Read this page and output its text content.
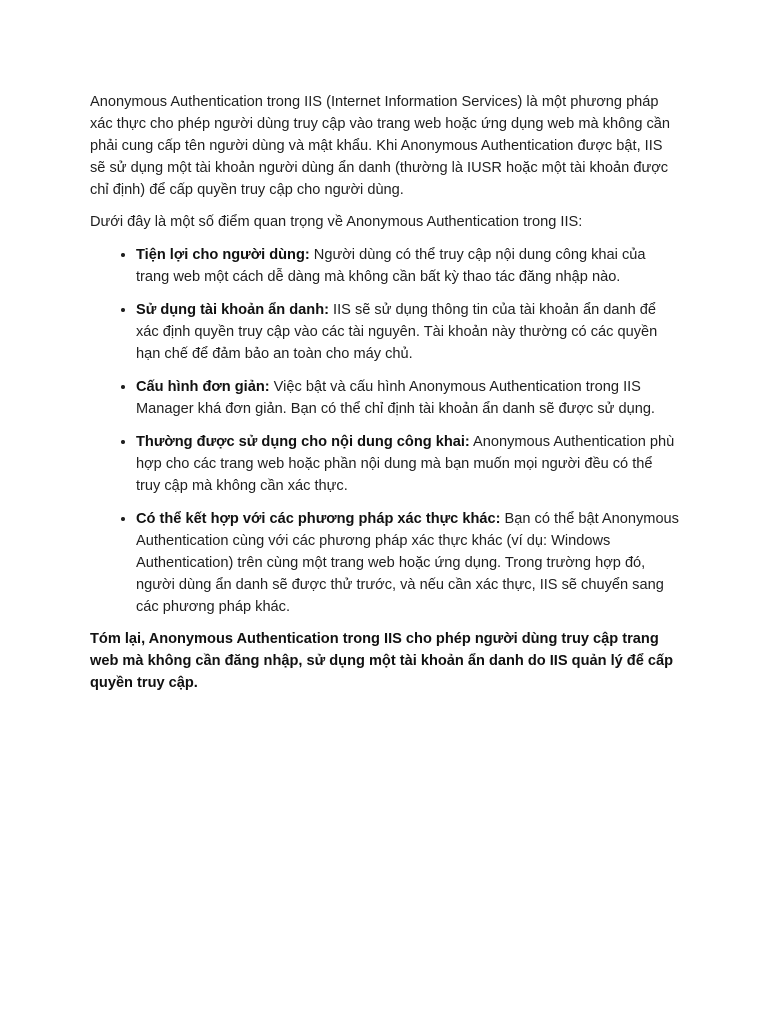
Anonymous Authentication trong IIS (Internet Information Services) là một phương pháp xác thực cho phép người dùng truy cập vào trang web hoặc ứng dụng web mà không cần phải cung cấp tên người dùng và mật khẩu. Khi Anonymous Authentication được bật, IIS sẽ sử dụng một tài khoản người dùng ẩn danh (thường là IUSR hoặc một tài khoản được chỉ định) để cấp quyền truy cập cho người dùng.

Dưới đây là một số điểm quan trọng về Anonymous Authentication trong IIS:

• Tiện lợi cho người dùng: Người dùng có thể truy cập nội dung công khai của trang web một cách dễ dàng mà không cần bất kỳ thao tác đăng nhập nào.
• Sử dụng tài khoản ẩn danh: IIS sẽ sử dụng thông tin của tài khoản ẩn danh để xác định quyền truy cập vào các tài nguyên. Tài khoản này thường có các quyền hạn chế để đảm bảo an toàn cho máy chủ.
• Cấu hình đơn giản: Việc bật và cấu hình Anonymous Authentication trong IIS Manager khá đơn giản. Bạn có thể chỉ định tài khoản ẩn danh sẽ được sử dụng.
• Thường được sử dụng cho nội dung công khai: Anonymous Authentication phù hợp cho các trang web hoặc phần nội dung mà bạn muốn mọi người đều có thể truy cập mà không cần xác thực.
• Có thể kết hợp với các phương pháp xác thực khác: Bạn có thể bật Anonymous Authentication cùng với các phương pháp xác thực khác (ví dụ: Windows Authentication) trên cùng một trang web hoặc ứng dụng. Trong trường hợp đó, người dùng ẩn danh sẽ được thử trước, và nếu cần xác thực, IIS sẽ chuyển sang các phương pháp khác.

Tóm lại, Anonymous Authentication trong IIS cho phép người dùng truy cập trang web mà không cần đăng nhập, sử dụng một tài khoản ẩn danh do IIS quản lý để cấp quyền truy cập.
